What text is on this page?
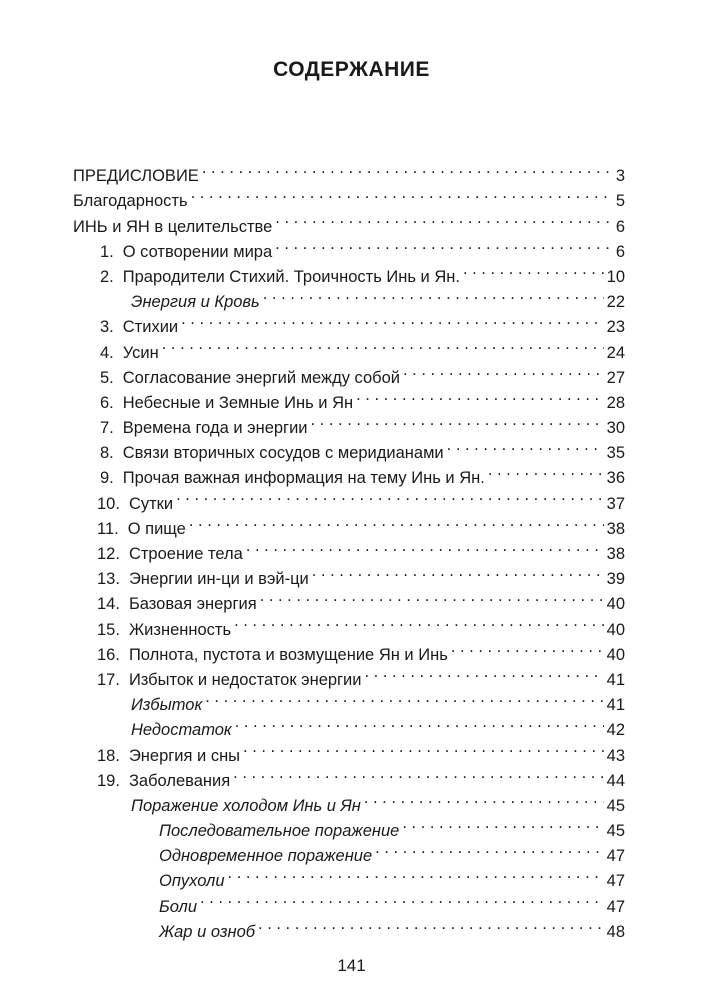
СОДЕРЖАНИЕ
ПРЕДИСЛОВИЕ . . .	3
Благодарность . . .	5
ИНЬ и ЯН в целительстве . . .	6
1. О сотворении мира . . .	6
2. Прародители Стихий. Троичность Инь и Ян. . . .	10
Энергия и Кровь . . .	22
3. Стихии . . .	23
4. Усин . . .	24
5. Согласование энергий между собой . . .	27
6. Небесные и Земные Инь и Ян . . .	28
7. Времена года и энергии . . .	30
8. Связи вторичных сосудов с меридианами . . .	35
9. Прочая важная информация на тему Инь и Ян. . . .	36
10. Сутки . . .	37
11. О пище . . .	38
12. Строение тела . . .	38
13. Энергии ин-ци и вэй-ци . . .	39
14. Базовая энергия . . .	40
15. Жизненность . . .	40
16. Полнота, пустота и возмущение Ян и Инь . . .	40
17. Избыток и недостаток энергии . . .	41
Избыток . . .	41
Недостаток . . .	42
18. Энергия и сны . . .	43
19. Заболевания . . .	44
Поражение холодом Инь и Ян . . .	45
Последовательное поражение . . .	45
Одновременное поражение . . .	47
Опухоли . . .	47
Боли . . .	47
Жар и озноб . . .	48
141
